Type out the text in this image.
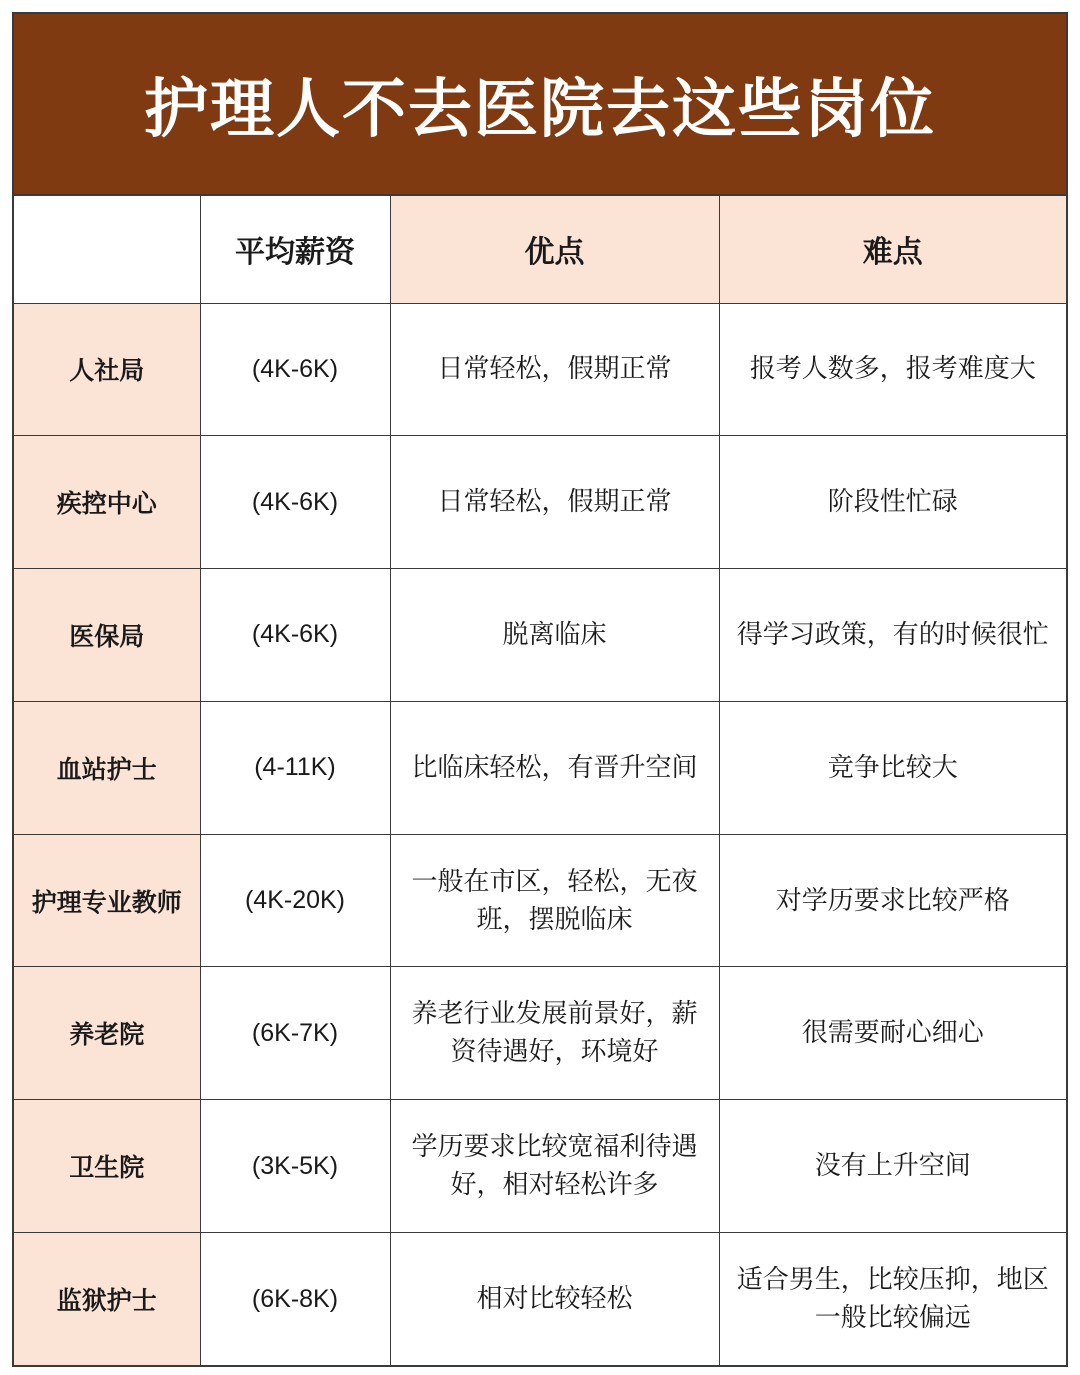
护理人不去医院去这些岗位
	平均薪资	优点	难点
人社局	(4K-6K)	日常轻松，假期正常	报考人数多，报考难度大
疾控中心	(4K-6K)	日常轻松，假期正常	阶段性忙碌
医保局	(4K-6K)	脱离临床	得学习政策，有的时候很忙
血站护士	(4-11K)	比临床轻松，有晋升空间	竞争比较大
护理专业教师	(4K-20K)	一般在市区，轻松，无夜班，摆脱临床	对学历要求比较严格
养老院	(6K-7K)	养老行业发展前景好，薪资待遇好，环境好	很需要耐心细心
卫生院	(3K-5K)	学历要求比较宽福利待遇好，相对轻松许多	没有上升空间
监狱护士	(6K-8K)	相对比较轻松	适合男生，比较压抑，地区一般比较偏远
